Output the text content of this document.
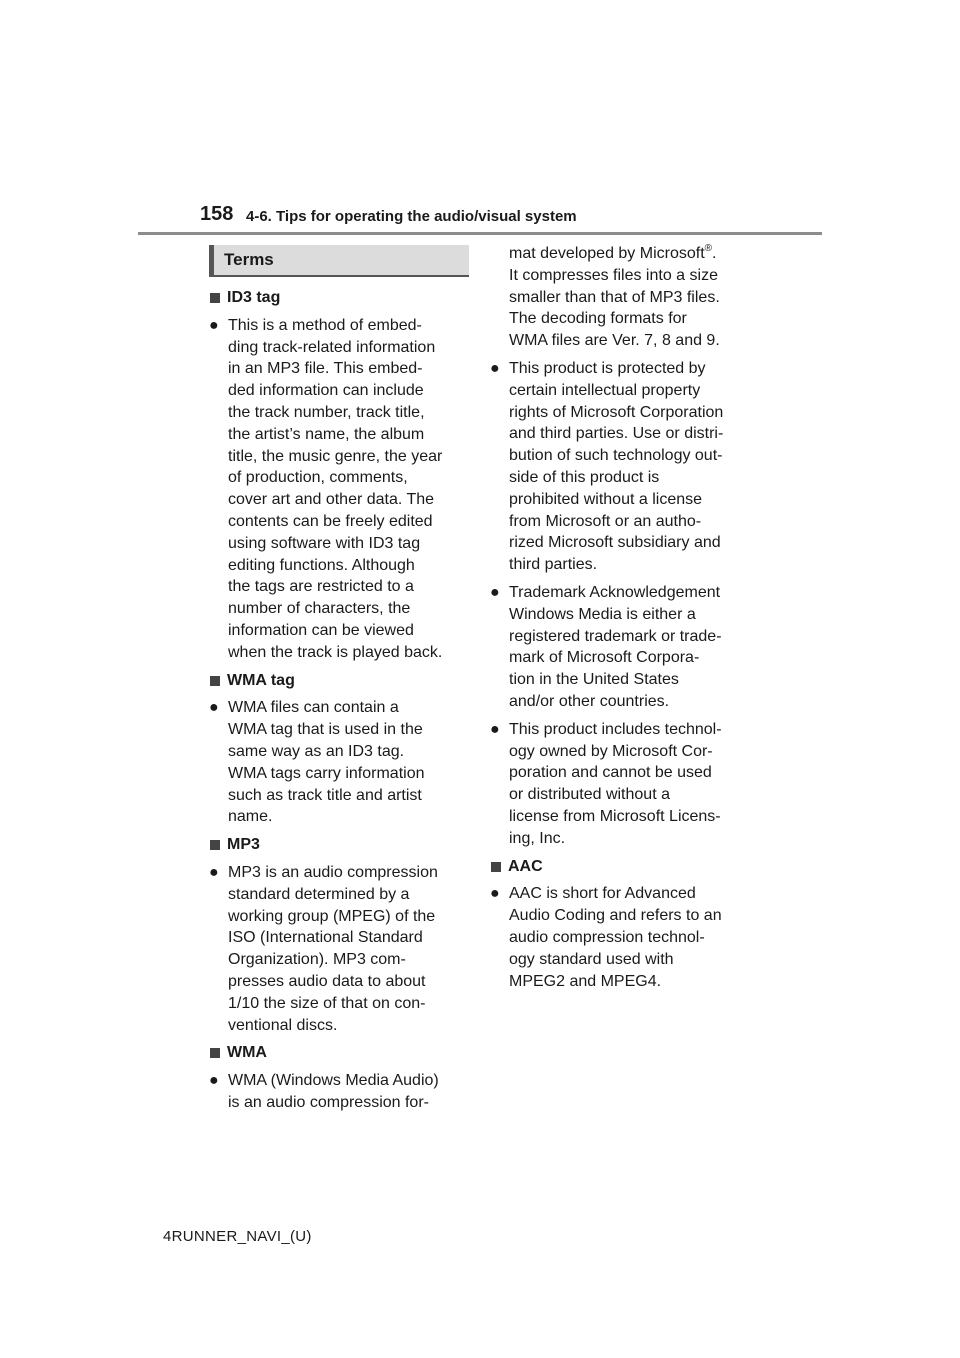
158 4-6. Tips for operating the audio/visual system
Terms
ID3 tag
● This is a method of embed-
ding track-related information
in an MP3 file. This embed-
ded information can include
the track number, track title,
the artist’s name, the album
title, the music genre, the year
of production, comments,
cover art and other data. The
contents can be freely edited
using software with ID3 tag
editing functions. Although
the tags are restricted to a
number of characters, the
information can be viewed
when the track is played back.
WMA tag
● WMA files can contain a
WMA tag that is used in the
same way as an ID3 tag.
WMA tags carry information
such as track title and artist
name.
MP3
● MP3 is an audio compression
standard determined by a
working group (MPEG) of the
ISO (International Standard
Organization). MP3 com-
presses audio data to about
1/10 the size of that on con-
ventional discs.
WMA
● WMA (Windows Media Audio)
is an audio compression for-
mat developed by Microsoft®.
It compresses files into a size
smaller than that of MP3 files.
The decoding formats for
WMA files are Ver. 7, 8 and 9.
● This product is protected by
certain intellectual property
rights of Microsoft Corporation
and third parties. Use or distri-
bution of such technology out-
side of this product is
prohibited without a license
from Microsoft or an autho-
rized Microsoft subsidiary and
third parties.
● Trademark Acknowledgement
Windows Media is either a
registered trademark or trade-
mark of Microsoft Corpora-
tion in the United States
and/or other countries.
● This product includes technol-
ogy owned by Microsoft Cor-
poration and cannot be used
or distributed without a
license from Microsoft Licens-
ing, Inc.
AAC
● AAC is short for Advanced
Audio Coding and refers to an
audio compression technol-
ogy standard used with
MPEG2 and MPEG4.
4RUNNER_NAVI_(U)
